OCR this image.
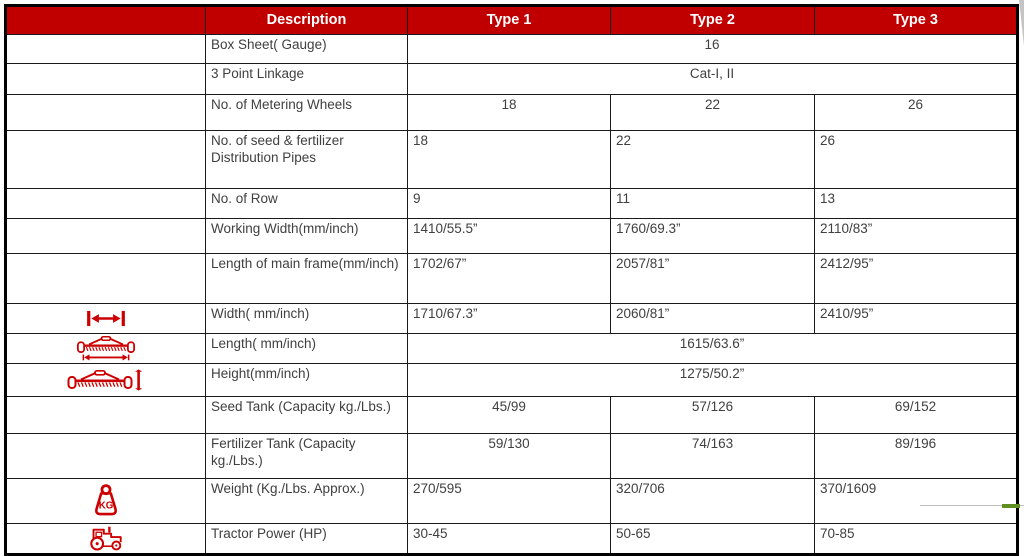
	Description	Type 1	Type 2	Type 3
	Box Sheet( Gauge)	16		
	3 Point Linkage	Cat-I, II		
	No. of Metering Wheels	18	22	26
	No. of seed & fertilizer Distribution Pipes	18	22	26
	No. of Row	9	11	13
	Working Width(mm/inch)	1410/55.5”	1760/69.3”	2110/83”
	Length of main frame(mm/inch)	1702/67”	2057/81”	2412/95”
	Width( mm/inch)	1710/67.3”	2060/81”	2410/95”
	Length( mm/inch)	1615/63.6”		
	Height(mm/inch)	1275/50.2”		
	Seed Tank (Capacity kg./Lbs.)	45/99	57/126	69/152
	Fertilizer Tank (Capacity kg./Lbs.)	59/130	74/163	89/196

KG	Weight (Kg./Lbs. Approx.)	270/595	320/706	370/1609
	Tractor Power (HP)	30-45	50-65	70-85
